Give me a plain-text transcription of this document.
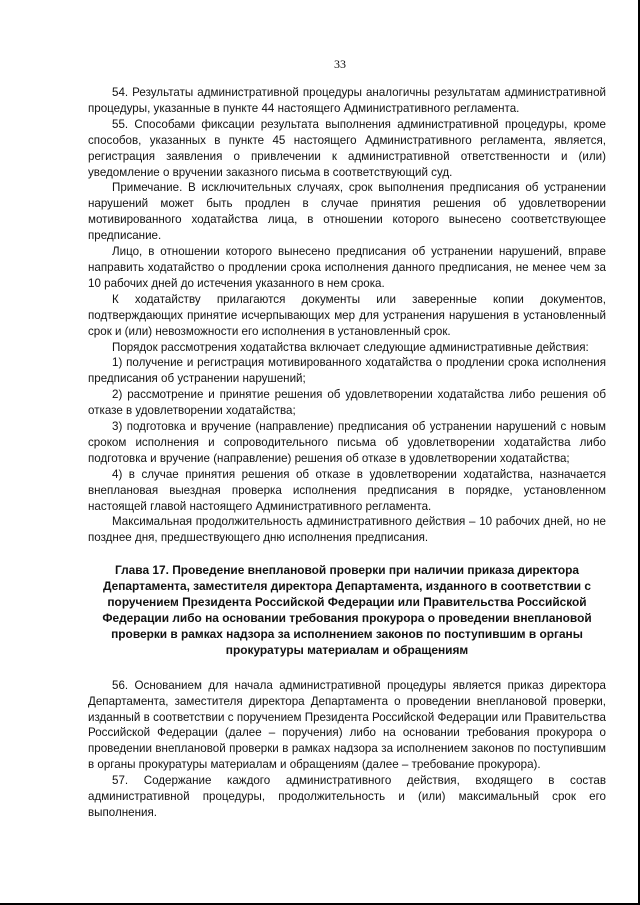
33

54. Результаты административной процедуры аналогичны результатам административной процедуры, указанные в пункте 44 настоящего Административного регламента.

55. Способами фиксации результата выполнения административной процедуры, кроме способов, указанных в пункте 45 настоящего Административного регламента, является, регистрация заявления о привлечении к административной ответственности и (или) уведомление о вручении заказного письма в соответствующий суд.

Примечание. В исключительных случаях, срок выполнения предписания об устранении нарушений может быть продлен в случае принятия решения об удовлетворении мотивированного ходатайства лица, в отношении которого вынесено соответствующее предписание.

Лицо, в отношении которого вынесено предписания об устранении нарушений, вправе направить ходатайство о продлении срока исполнения данного предписания, не менее чем за 10 рабочих дней до истечения указанного в нем срока.

К ходатайству прилагаются документы или заверенные копии документов, подтверждающих принятие исчерпывающих мер для устранения нарушения в установленный срок и (или) невозможности его исполнения в установленный срок.

Порядок рассмотрения ходатайства включает следующие административные действия:

1) получение и регистрация мотивированного ходатайства о продлении срока исполнения предписания об устранении нарушений;

2) рассмотрение и принятие решения об удовлетворении ходатайства либо решения об отказе в удовлетворении ходатайства;

3) подготовка и вручение (направление) предписания об устранении нарушений с новым сроком исполнения и сопроводительного письма об удовлетворении ходатайства либо подготовка и вручение (направление) решения об отказе в удовлетворении ходатайства;

4) в случае принятия решения об отказе в удовлетворении ходатайства, назначается внеплановая выездная проверка исполнения предписания в порядке, установленном настоящей главой настоящего Административного регламента.

Максимальная продолжительность административного действия – 10 рабочих дней, но не позднее дня, предшествующего дню исполнения предписания.

Глава 17. Проведение внеплановой проверки при наличии приказа директора Департамента, заместителя директора Департамента, изданного в соответствии с поручением Президента Российской Федерации или Правительства Российской Федерации либо на основании требования прокурора о проведении внеплановой проверки в рамках надзора за исполнением законов по поступившим в органы прокуратуры материалам и обращениям

56. Основанием для начала административной процедуры является приказ директора Департамента, заместителя директора Департамента о проведении внеплановой проверки, изданный в соответствии с поручением Президента Российской Федерации или Правительства Российской Федерации (далее – поручения) либо на основании требования прокурора о проведении внеплановой проверки в рамках надзора за исполнением законов по поступившим в органы прокуратуры материалам и обращениям (далее – требование прокурора).

57. Содержание каждого административного действия, входящего в состав административной процедуры, продолжительность и (или) максимальный срок его выполнения.
